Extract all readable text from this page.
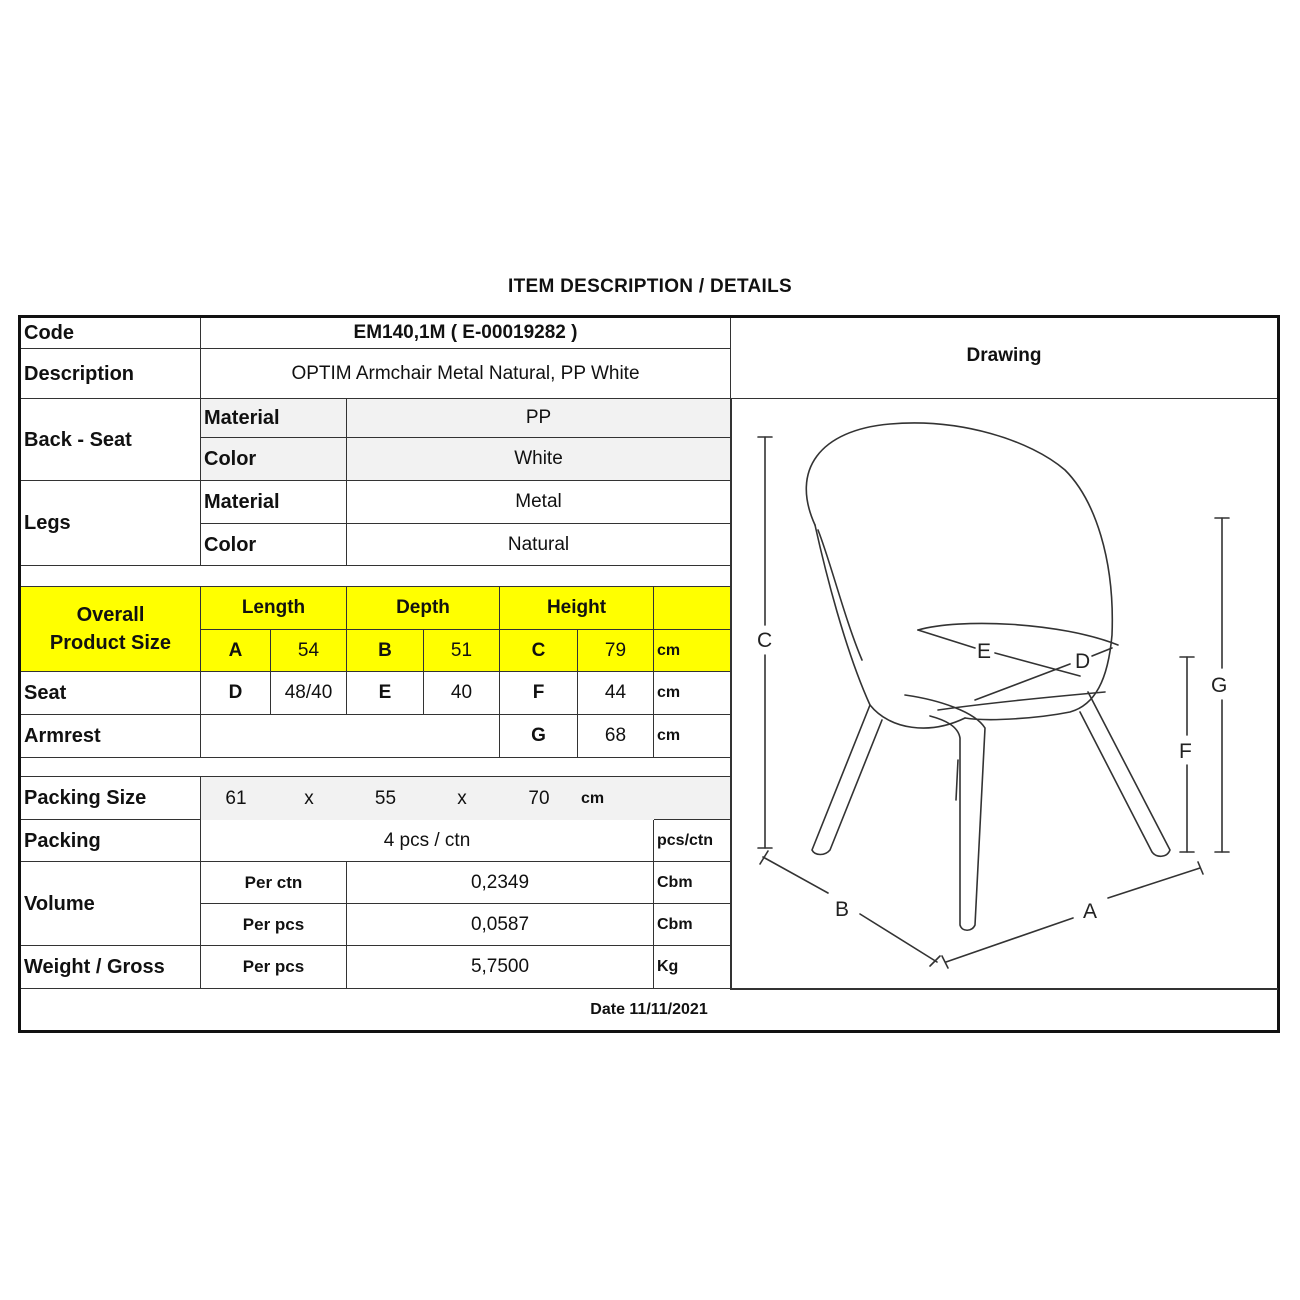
ITEM DESCRIPTION / DETAILS
Code	EM140,1M ( E-00019282 )
Description	OPTIM Armchair Metal Natural, PP White
Drawing
Back - Seat
Material	PP
Color	White
Legs
Material	Metal
Color	Natural
Overall Product Size
Length	Depth	Height
A	54	B	51	C	79	cm
Seat	D	48/40	E	40	F	44	cm
Armrest	G	68	cm
Packing Size	61	x	55	x	70	cm
Packing	4 pcs / ctn	pcs/ctn
Volume
Per ctn	0,2349	Cbm
Per pcs	0,0587	Cbm
Weight / Gross	Per pcs	5,7500	Kg
Date 11/11/2021
C	E	D
G
F
B	A
